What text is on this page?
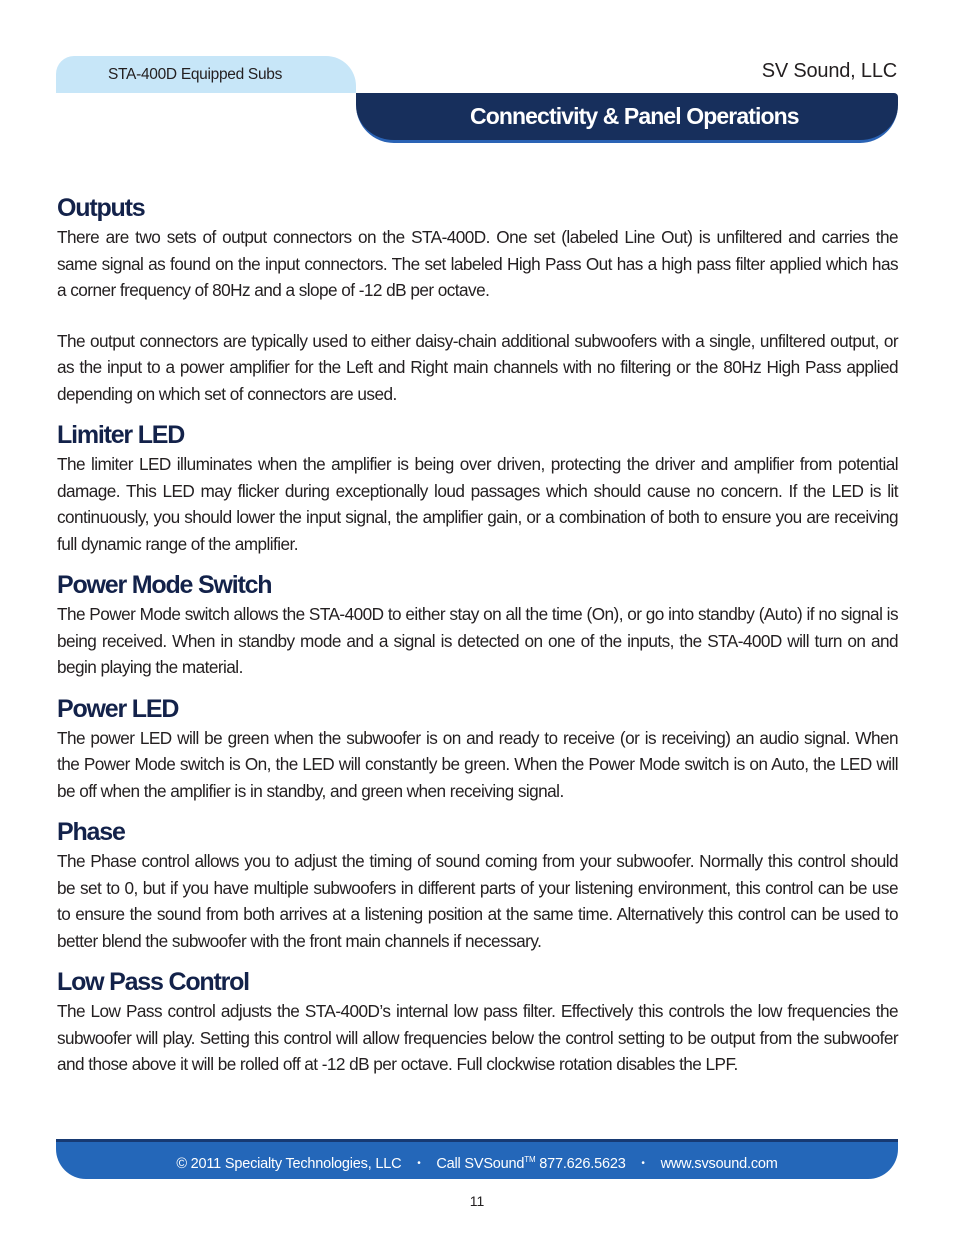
STA-400D Equipped Subs	SV Sound, LLC
Connectivity & Panel Operations
Outputs

There are two sets of output connectors on the STA-400D. One set (labeled Line Out) is unfiltered and carries the same signal as found on the input connectors. The set labeled High Pass Out has a high pass filter applied which has a corner frequency of 80Hz and a slope of -12 dB per octave.

The output connectors are typically used to either daisy-chain additional subwoofers with a single, unfiltered output, or as the input to a power amplifier for the Left and Right main channels with no filtering or the 80Hz High Pass applied depending on which set of connectors are used.

Limiter LED

The limiter LED illuminates when the amplifier is being over driven, protecting the driver and amplifier from potential damage. This LED may flicker during exceptionally loud passages which should cause no concern. If the LED is lit continuously, you should lower the input signal, the amplifier gain, or a combination of both to ensure you are receiving full dynamic range of the amplifier.

Power Mode Switch

The Power Mode switch allows the STA-400D to either stay on all the time (On), or go into standby (Auto) if no signal is being received. When in standby mode and a signal is detected on one of the inputs, the STA-400D will turn on and begin playing the material.

Power LED

The power LED will be green when the subwoofer is on and ready to receive (or is receiving) an audio signal. When the Power Mode switch is On, the LED will constantly be green. When the Power Mode switch is on Auto, the LED will be off when the amplifier is in standby, and green when receiving signal.

Phase

The Phase control allows you to adjust the timing of sound coming from your subwoofer. Normally this control should be set to 0, but if you have multiple subwoofers in different parts of your listening environment, this control can be use to ensure the sound from both arrives at a listening position at the same time. Alternatively this control can be used to better blend the subwoofer with the front main channels if necessary.

Low Pass Control

The Low Pass control adjusts the STA-400D’s internal low pass filter. Effectively this controls the low frequencies the subwoofer will play. Setting this control will allow frequencies below the control setting to be output from the subwoofer and those above it will be rolled off at -12 dB per octave. Full clockwise rotation disables the LPF.

© 2011 Specialty Technologies, LLC • Call SVSound™ 877.626.5623 • www.svsound.com
11
